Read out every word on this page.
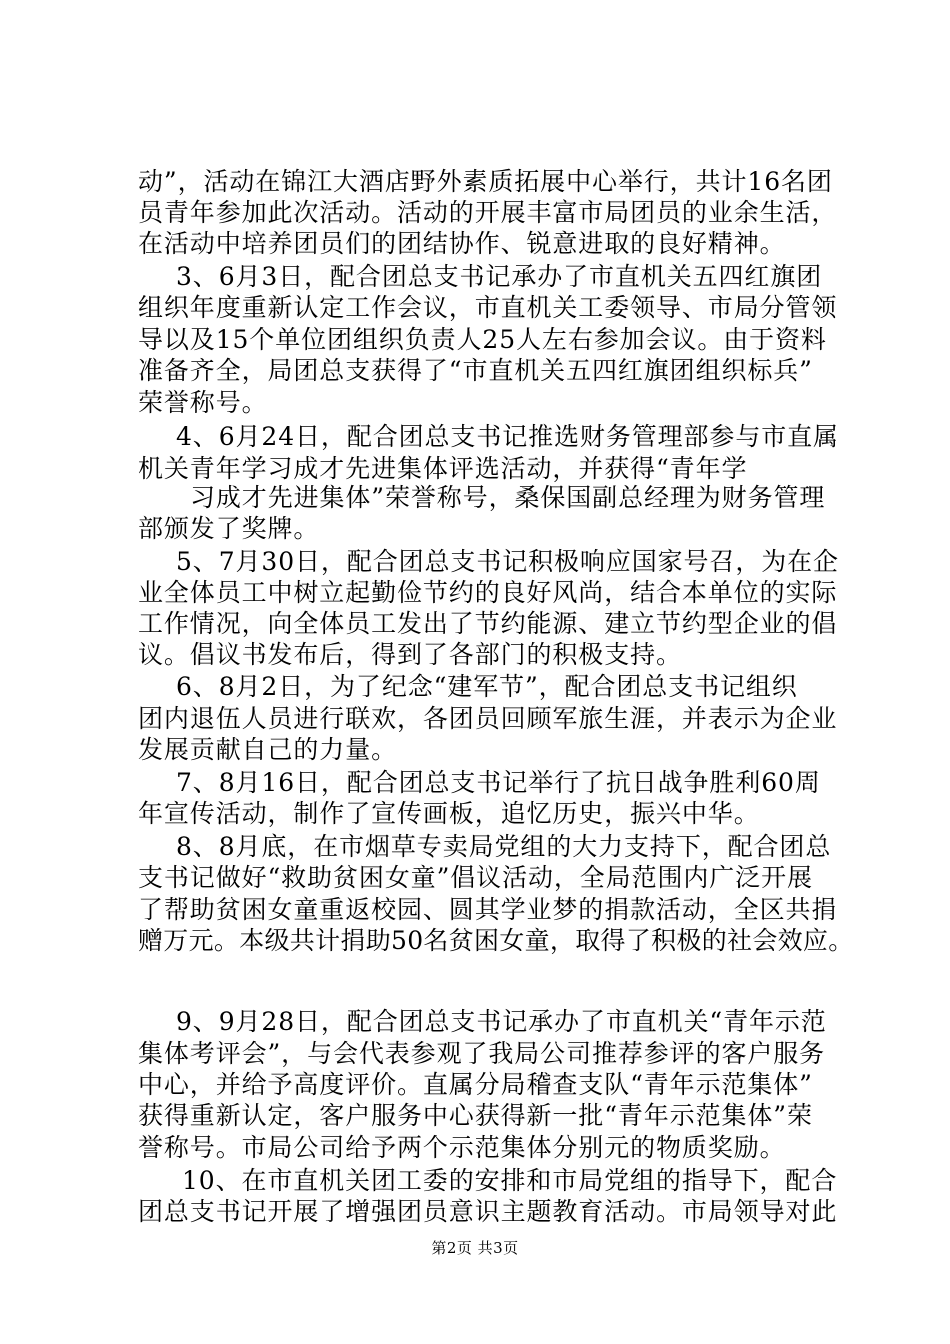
动”，活动在锦江大酒店野外素质拓展中心举行，共计16名团
员青年参加此次活动。活动的开展丰富市局团员的业余生活，
在活动中培养团员们的团结协作、锐意进取的良好精神。
3、6月3日，配合团总支书记承办了市直机关五四红旗团
组织年度重新认定工作会议，市直机关工委领导、市局分管领
导以及15个单位团组织负责人25人左右参加会议。由于资料
准备齐全，局团总支获得了“市直机关五四红旗团组织标兵”
荣誉称号。
4、6月24日，配合团总支书记推选财务管理部参与市直属
机关青年学习成才先进集体评选活动，并获得“青年学
习成才先进集体”荣誉称号，桑保国副总经理为财务管理
部颁发了奖牌。
5、7月30日，配合团总支书记积极响应国家号召，为在企
业全体员工中树立起勤俭节约的良好风尚，结合本单位的实际
工作情况，向全体员工发出了节约能源、建立节约型企业的倡
议。倡议书发布后，得到了各部门的积极支持。
6、8月2日，为了纪念“建军节”，配合团总支书记组织
团内退伍人员进行联欢，各团员回顾军旅生涯，并表示为企业
发展贡献自己的力量。
7、8月16日，配合团总支书记举行了抗日战争胜利60周
年宣传活动，制作了宣传画板，追忆历史，振兴中华。
8、8月底，在市烟草专卖局党组的大力支持下，配合团总
支书记做好“救助贫困女童”倡议活动，全局范围内广泛开展
了帮助贫困女童重返校园、圆其学业梦的捐款活动，全区共捐
赠万元。本级共计捐助50名贫困女童，取得了积极的社会效应。
9、9月28日，配合团总支书记承办了市直机关“青年示范
集体考评会”，与会代表参观了我局公司推荐参评的客户服务
中心，并给予高度评价。直属分局稽查支队“青年示范集体”
获得重新认定，客户服务中心获得新一批“青年示范集体”荣
誉称号。市局公司给予两个示范集体分别元的物质奖励。
10、在市直机关团工委的安排和市局党组的指导下，配合
团总支书记开展了增强团员意识主题教育活动。市局领导对此
第2页 共3页
